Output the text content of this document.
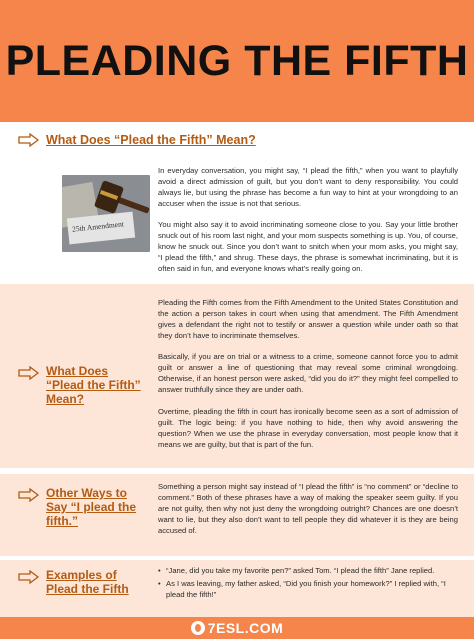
PLEADING THE FIFTH
What Does “Plead the Fifth” Mean?
25th Amendment

In everyday conversation, you might say, “I plead the fifth,” when you want to playfully avoid a direct admission of guilt, but you don’t want to deny responsibility. You could always lie, but using the phrase has become a fun way to hint at your wrongdoing to an accuser when the issue is not that serious.

You might also say it to avoid incriminating someone close to you. Say your little brother snuck out of his room last night, and your mom suspects something is up. You, of course, know he snuck out. Since you don’t want to snitch when your mom asks, you might say, “I plead the fifth,” and shrug. These days, the phrase is somewhat incriminating, but it is often said in fun, and everyone knows what’s really going on.

What Does “Plead the Fifth” Mean?

Pleading the Fifth comes from the Fifth Amendment to the United States Constitution and the action a person takes in court when using that amendment. The Fifth Amendment gives a defendant the right not to testify or answer a question while under oath so that they don’t have to incriminate themselves.

Basically, if you are on trial or a witness to a crime, someone cannot force you to admit guilt or answer a line of questioning that may reveal some criminal wrongdoing. Otherwise, if an honest person were asked, “did you do it?” they might feel compelled to answer truthfully since they are under oath.

Overtime, pleading the fifth in court has ironically become seen as a sort of admission of guilt. The logic being: if you have nothing to hide, then why avoid answering the question? When we use the phrase in everyday conversation, most people know that it means we are guilty, but that is part of the fun.

Other Ways to Say “I plead the fifth.”

Something a person might say instead of “I plead the fifth” is “no comment” or “decline to comment.” Both of these phrases have a way of making the speaker seem guilty. If you are not guilty, then why not just deny the wrongdoing outright? Chances are one doesn’t want to lie, but they also don’t want to tell people they did whatever it is they are being accused of.

Examples of Plead the Fifth
• “Jane, did you take my favorite pen?” asked Tom. “I plead the fifth” Jane replied.
• As I was leaving, my father asked, “Did you finish your homework?” I replied with, “I plead the fifth!”
7ESL.COM
